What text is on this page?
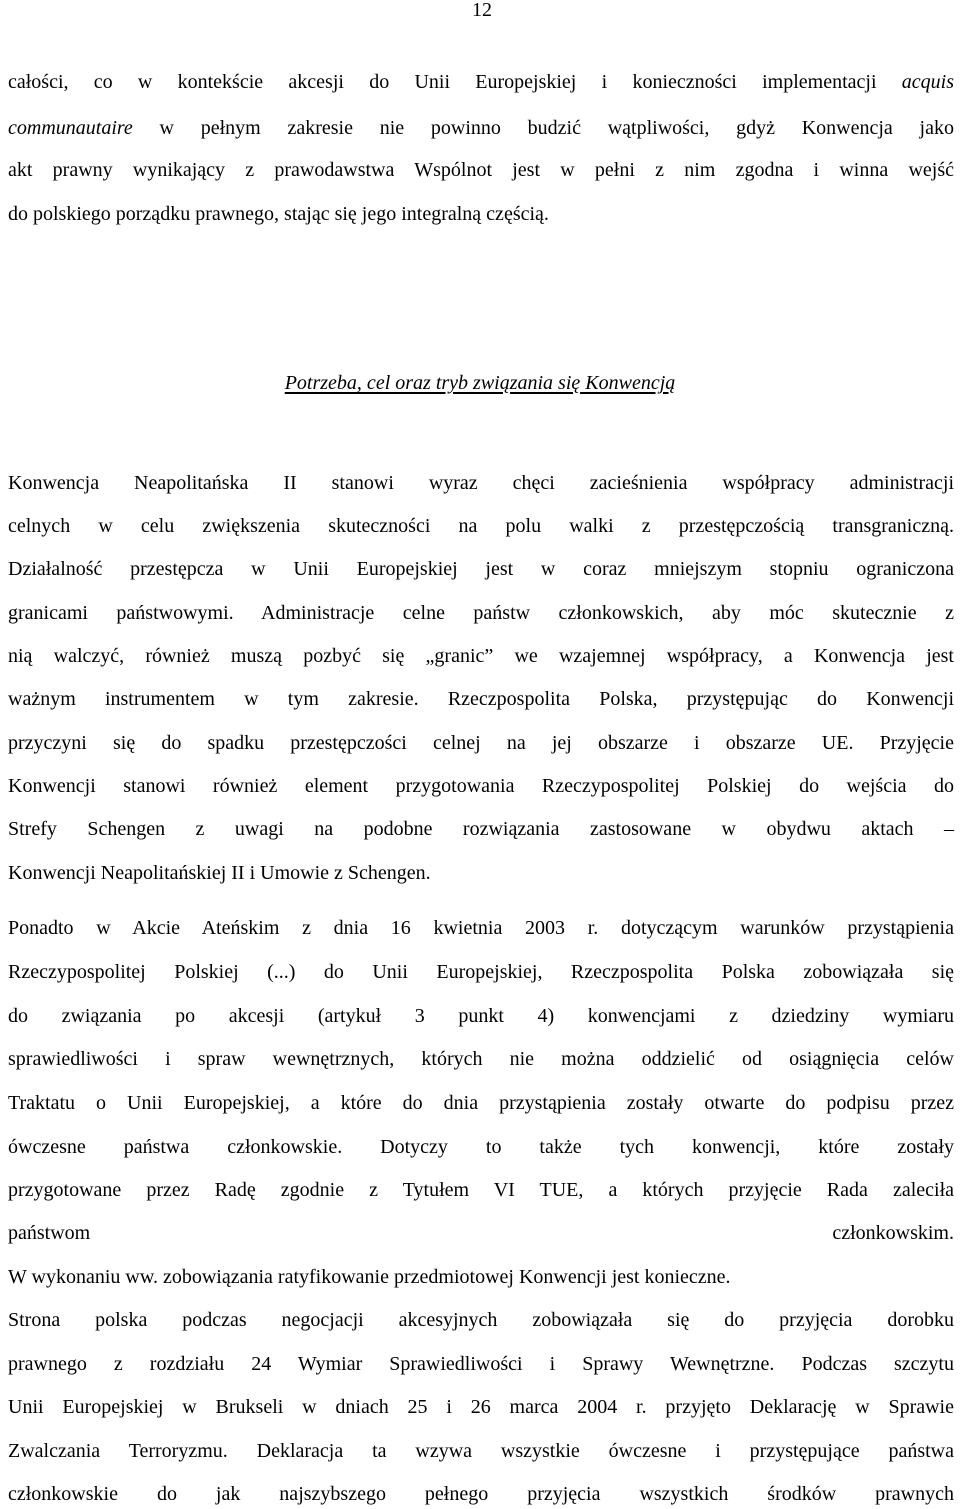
12
całości, co w kontekście akcesji do Unii Europejskiej i konieczności implementacji acquis
communautaire w pełnym zakresie nie powinno budzić wątpliwości, gdyż Konwencja jako
akt prawny wynikający z prawodawstwa Wspólnot jest w pełni z nim zgodna i winna wejść
do polskiego porządku prawnego, stając się jego integralną częścią.
Potrzeba, cel oraz tryb związania się Konwencją
Konwencja Neapolitańska II stanowi wyraz chęci zacieśnienia współpracy administracji
celnych w celu zwiększenia skuteczności na polu walki z przestępczością transgraniczną.
Działalność przestępcza w Unii Europejskiej jest w coraz mniejszym stopniu ograniczona
granicami państwowymi. Administracje celne państw członkowskich, aby móc skutecznie z
nią walczyć, również muszą pozbyć się „granic” we wzajemnej współpracy, a Konwencja jest
ważnym instrumentem w tym zakresie. Rzeczpospolita Polska, przystępując do Konwencji
przyczyni się do spadku przestępczości celnej na jej obszarze i obszarze UE. Przyjęcie
Konwencji stanowi również element przygotowania Rzeczypospolitej Polskiej do wejścia do
Strefy Schengen z uwagi na podobne rozwiązania zastosowane w obydwu aktach –
Konwencji Neapolitańskiej II i Umowie z Schengen.
Ponadto w Akcie Ateńskim z dnia 16 kwietnia 2003 r. dotyczącym warunków przystąpienia
Rzeczypospolitej Polskiej (...) do Unii Europejskiej, Rzeczpospolita Polska zobowiązała się
do związania po akcesji (artykuł 3 punkt 4) konwencjami z dziedziny wymiaru
sprawiedliwości i spraw wewnętrznych, których nie można oddzielić od osiągnięcia celów
Traktatu o Unii Europejskiej, a które do dnia przystąpienia zostały otwarte do podpisu przez
ówczesne państwa członkowskie. Dotyczy to także tych konwencji, które zostały
przygotowane przez Radę zgodnie z Tytułem VI TUE, a których przyjęcie Rada zaleciła
państwom członkowskim.
W wykonaniu ww. zobowiązania ratyfikowanie przedmiotowej Konwencji jest konieczne.
Strona polska podczas negocjacji akcesyjnych zobowiązała się do przyjęcia dorobku
prawnego z rozdziału 24 Wymiar Sprawiedliwości i Sprawy Wewnętrzne. Podczas szczytu
Unii Europejskiej w Brukseli w dniach 25 i 26 marca 2004 r. przyjęto Deklarację w Sprawie
Zwalczania Terroryzmu. Deklaracja ta wzywa wszystkie ówczesne i przystępujące państwa
członkowskie do jak najszybszego pełnego przyjęcia wszystkich środków prawnych
